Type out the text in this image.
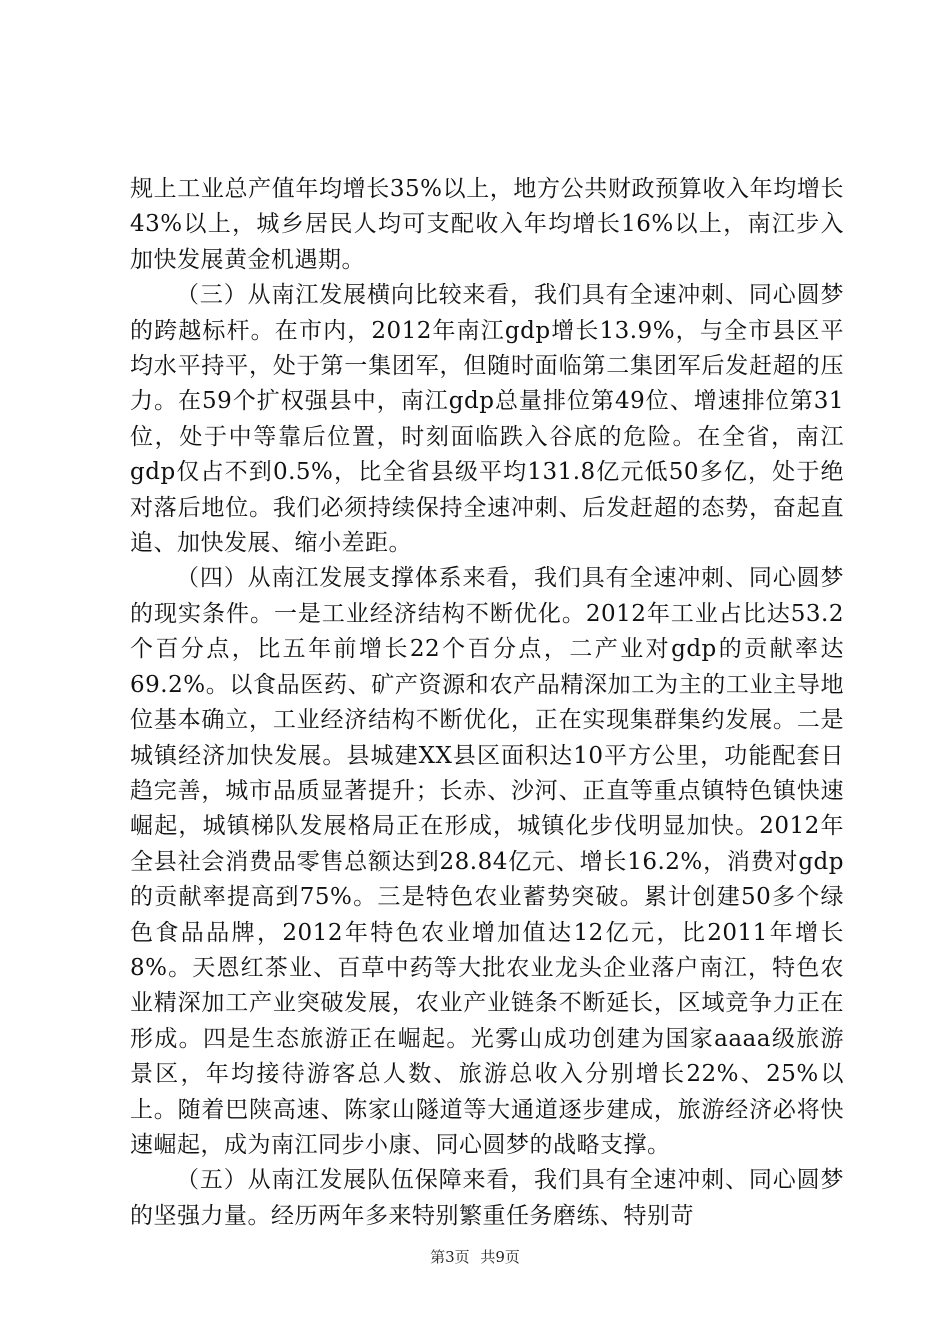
规上工业总产值年均增长35%以上，地方公共财政预算收入年均增长43%以上，城乡居民人均可支配收入年均增长16%以上，南江步入加快发展黄金机遇期。

（三）从南江发展横向比较来看，我们具有全速冲刺、同心圆梦的跨越标杆。在市内，2012年南江gdp增长13.9%，与全市县区平均水平持平，处于第一集团军，但随时面临第二集团军后发赶超的压力。在59个扩权强县中，南江gdp总量排位第49位、增速排位第31位，处于中等靠后位置，时刻面临跌入谷底的危险。在全省，南江gdp仅占不到0.5%，比全省县级平均131.8亿元低50多亿，处于绝对落后地位。我们必须持续保持全速冲刺、后发赶超的态势，奋起直追、加快发展、缩小差距。

（四）从南江发展支撑体系来看，我们具有全速冲刺、同心圆梦的现实条件。一是工业经济结构不断优化。2012年工业占比达53.2个百分点，比五年前增长22个百分点，二产业对gdp的贡献率达69.2%。以食品医药、矿产资源和农产品精深加工为主的工业主导地位基本确立，工业经济结构不断优化，正在实现集群集约发展。二是城镇经济加快发展。县城建XX县区面积达10平方公里，功能配套日趋完善，城市品质显著提升；长赤、沙河、正直等重点镇特色镇快速崛起，城镇梯队发展格局正在形成，城镇化步伐明显加快。2012年全县社会消费品零售总额达到28.84亿元、增长16.2%，消费对gdp的贡献率提高到75%。三是特色农业蓄势突破。累计创建50多个绿色食品品牌，2012年特色农业增加值达12亿元，比2011年增长8%。天恩红茶业、百草中药等大批农业龙头企业落户南江，特色农业精深加工产业突破发展，农业产业链条不断延长，区域竞争力正在形成。四是生态旅游正在崛起。光雾山成功创建为国家aaaa级旅游景区，年均接待游客总人数、旅游总收入分别增长22%、25%以上。随着巴陕高速、陈家山隧道等大通道逐步建成，旅游经济必将快速崛起，成为南江同步小康、同心圆梦的战略支撑。

（五）从南江发展队伍保障来看，我们具有全速冲刺、同心圆梦的坚强力量。经历两年多来特别繁重任务磨练、特别苛

第3页 共9页
